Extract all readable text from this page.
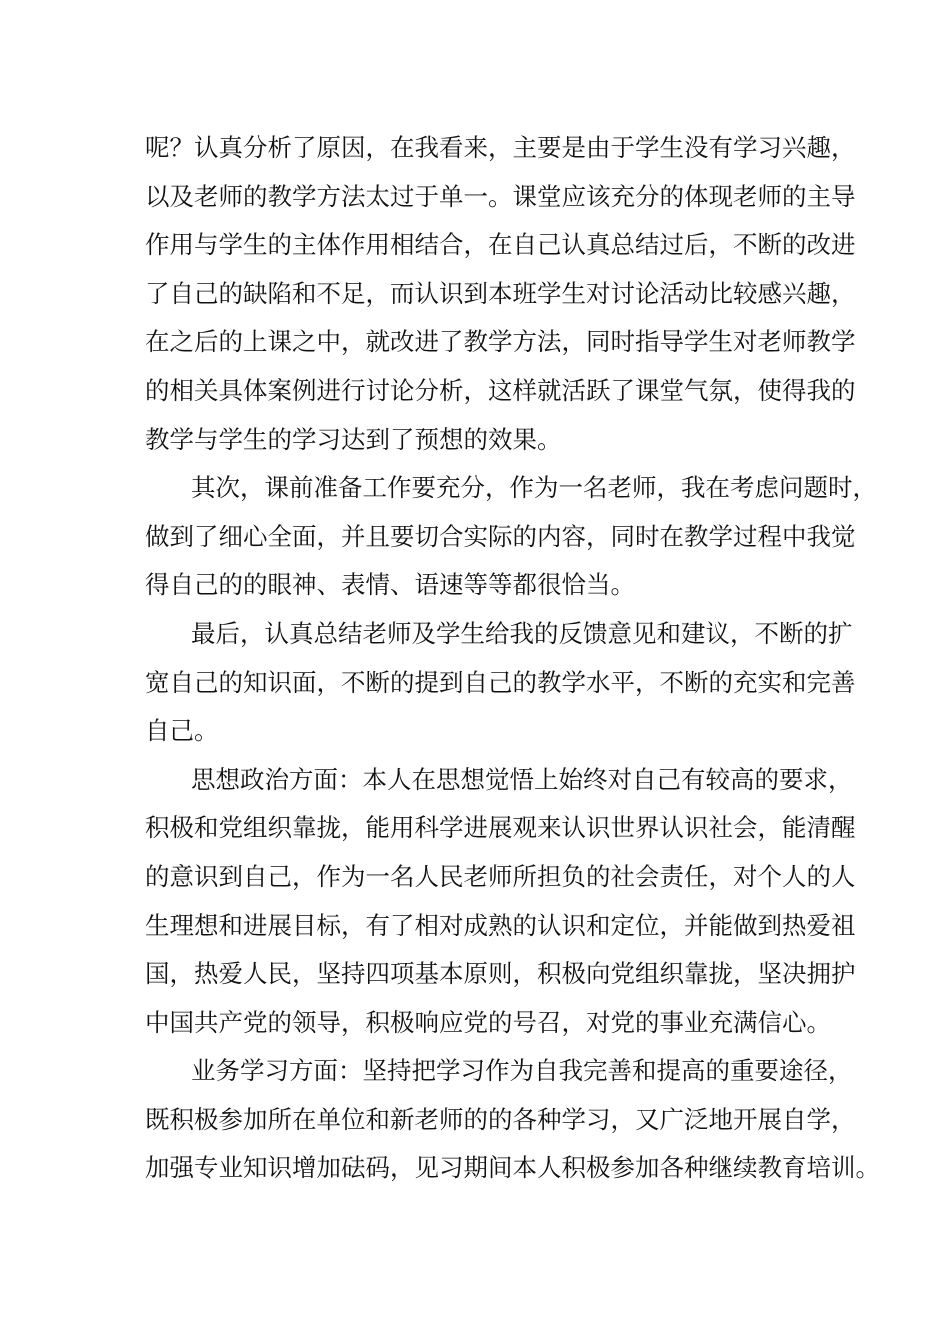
呢？认真分析了原因，在我看来，主要是由于学生没有学习兴趣，
以及老师的教学方法太过于单一。课堂应该充分的体现老师的主导
作用与学生的主体作用相结合，在自己认真总结过后，不断的改进
了自己的缺陷和不足，而认识到本班学生对讨论活动比较感兴趣，
在之后的上课之中，就改进了教学方法，同时指导学生对老师教学
的相关具体案例进行讨论分析，这样就活跃了课堂气氛，使得我的
教学与学生的学习达到了预想的效果。
其次，课前准备工作要充分，作为一名老师，我在考虑问题时，
做到了细心全面，并且要切合实际的内容，同时在教学过程中我觉
得自己的的眼神、表情、语速等等都很恰当。
最后，认真总结老师及学生给我的反馈意见和建议，不断的扩
宽自己的知识面，不断的提到自己的教学水平，不断的充实和完善
自己。
思想政治方面：本人在思想觉悟上始终对自己有较高的要求，
积极和党组织靠拢，能用科学进展观来认识世界认识社会，能清醒
的意识到自己，作为一名人民老师所担负的社会责任，对个人的人
生理想和进展目标，有了相对成熟的认识和定位，并能做到热爱祖
国，热爱人民，坚持四项基本原则，积极向党组织靠拢，坚决拥护
中国共产党的领导，积极响应党的号召，对党的事业充满信心。
业务学习方面：坚持把学习作为自我完善和提高的重要途径，
既积极参加所在单位和新老师的的各种学习，又广泛地开展自学，
加强专业知识增加砝码，见习期间本人积极参加各种继续教育培训。
